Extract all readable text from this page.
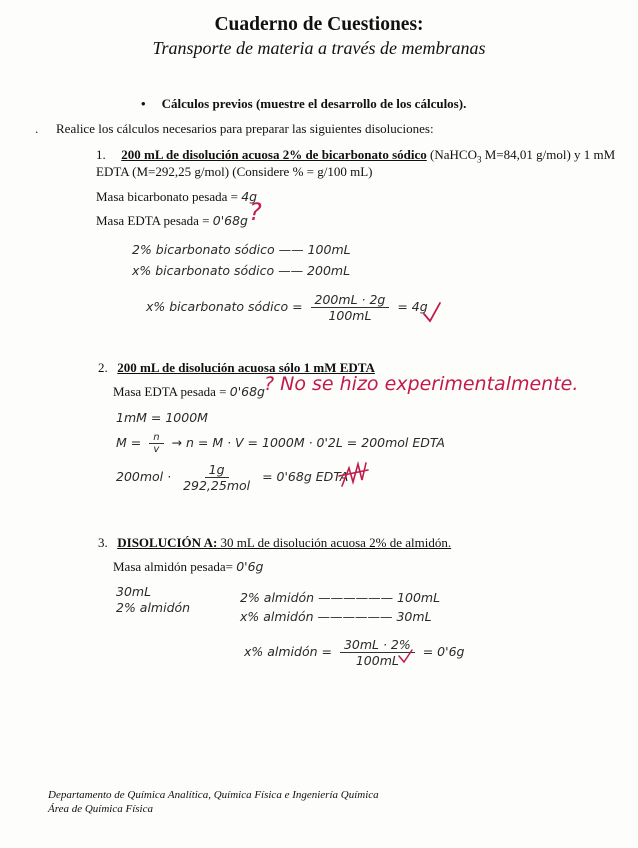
Cuaderno de Cuestiones:
Transporte de materia a través de membranas
• Cálculos previos (muestre el desarrollo de los cálculos).
. Realice los cálculos necesarios para preparar las siguientes disoluciones:
1. 200 mL de disolución acuosa 2% de bicarbonato sódico (NaHCO$_3$ M=84,01 g/mol) y 1 mM
EDTA (M=292,25 g/mol) (Considere % = g/100 mL)
Masa bicarbonato pesada = 4g
Masa EDTA pesada = 0'68g ?
2% bicarbonato sódico —— 100mL
x% bicarbonato sódico —— 200mL
x% bicarbonato sódico = $\frac{200mL \cdot 2g}{100mL} = 4g$
2. 200 mL de disolución acuosa sólo 1 mM EDTA
Masa EDTA pesada = 0'68g ? No se hizo experimentalmente.
1mM = 1000M
$M = \frac{n}{v} \to n = M \cdot V = 1000M \cdot 0'2L = 200mol$ EDTA
$200mol \cdot \frac{1g}{\text{292,25mol}} = 0'68g$ EDTA
3. DISOLUCIÓN A: 30 mL de disolución acuosa 2% de almidón.
Masa almidón pesada= 0'6g
30mL
2% almidón
2% almidón —————— 100mL
x% almidón —————— 30mL
x% almidón = $\frac{30mL \cdot 2\%}{100mL} = 0'6g$
Departamento de Química Analítica, Química Física e Ingeniería Química
Área de Química Física
